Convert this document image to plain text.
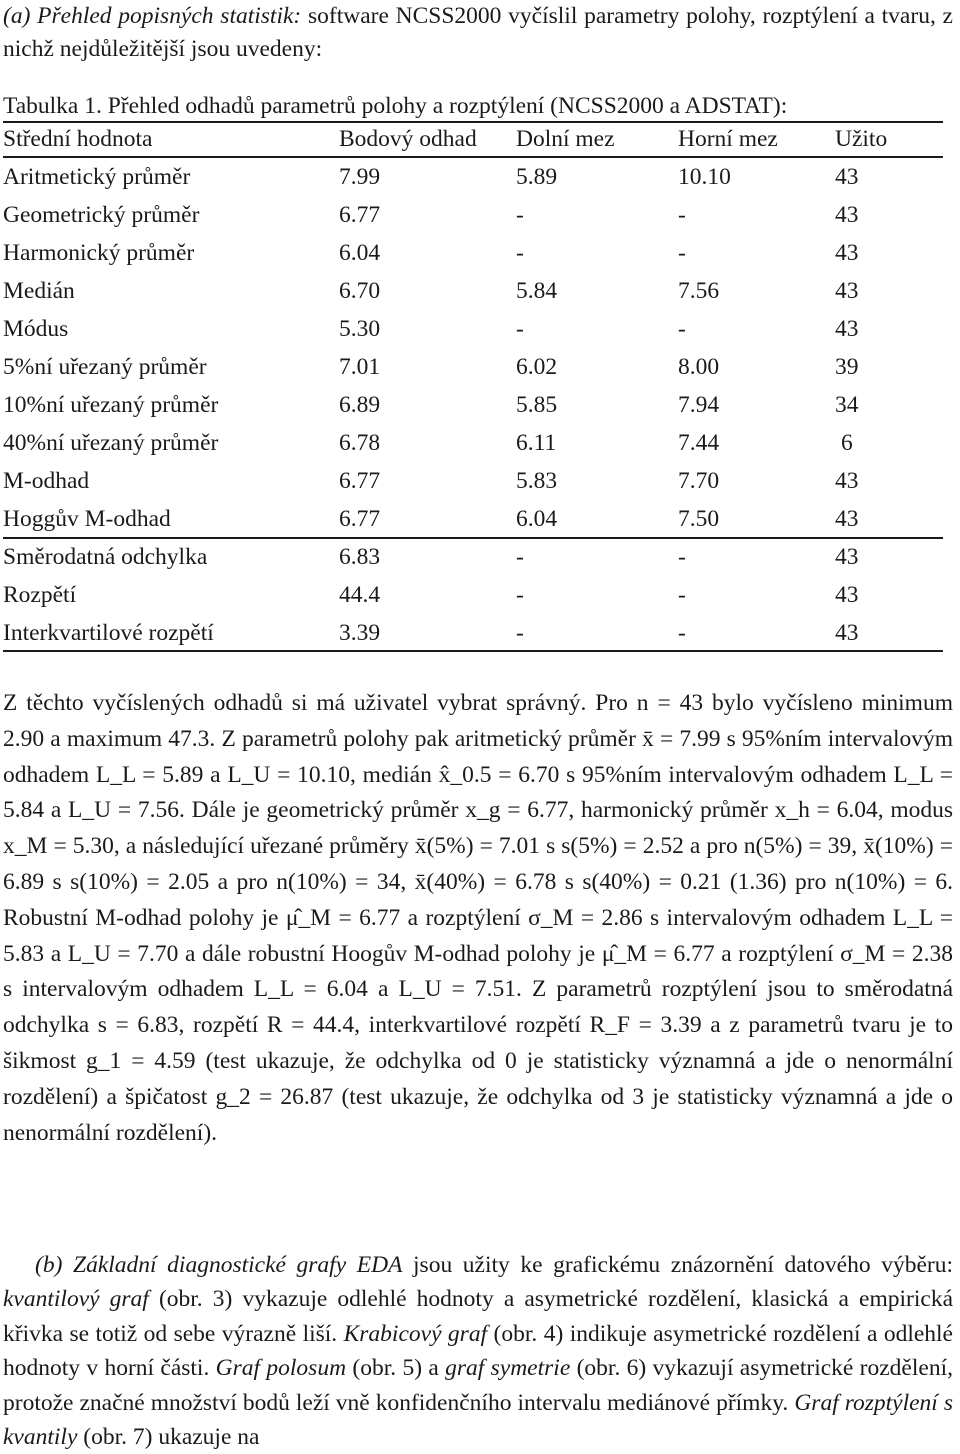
(a) Přehled popisných statistik: software NCSS2000 vyčíslil parametry polohy, rozptýlení a tvaru, z nichž nejdůležitější jsou uvedeny:

Tabulka 1. Přehled odhadů parametrů polohy a rozptýlení (NCSS2000 a ADSTAT):
Střední hodnota	Bodový odhad	Dolní mez	Horní mez	Užito
Aritmetický průměr	7.99	5.89	10.10	43
Geometrický průměr	6.77	-	-	43
Harmonický průměr	6.04	-	-	43
Medián	6.70	5.84	7.56	43
Módus	5.30	-	-	43
5%ní uřezaný průměr	7.01	6.02	8.00	39
10%ní uřezaný průměr	6.89	5.85	7.94	34
40%ní uřezaný průměr	6.78	6.11	7.44	6
M-odhad	6.77	5.83	7.70	43
Hoggův M-odhad	6.77	6.04	7.50	43
Směrodatná odchylka	6.83	-	-	43
Rozpětí	44.4	-	-	43
Interkvartilové rozpětí	3.39	-	-	43

Z těchto vyčíslených odhadů si má uživatel vybrat správný. Pro n = 43 bylo vyčísleno minimum 2.90 a maximum 47.3. Z parametrů polohy pak aritmetický průměr x̄ = 7.99 s 95%ním intervalovým odhadem L_L = 5.89 a L_U = 10.10, medián x̂_0.5 = 6.70 s 95%ním intervalovým odhadem L_L = 5.84 a L_U = 7.56. Dále je geometrický průměr x_g = 6.77, harmonický průměr x_h = 6.04, modus x_M = 5.30, a následující uřezané průměry x̄(5%) = 7.01 s s(5%) = 2.52 a pro n(5%) = 39, x̄(10%) = 6.89 s s(10%) = 2.05 a pro n(10%) = 34, x̄(40%) = 6.78 s s(40%) = 0.21 (1.36) pro n(10%) = 6. Robustní M-odhad polohy je μ̂_M = 6.77 a rozptýlení σ_M = 2.86 s intervalovým odhadem L_L = 5.83 a L_U = 7.70 a dále robustní Hoogův M-odhad polohy je μ̂_M = 6.77 a rozptýlení σ_M = 2.38 s intervalovým odhadem L_L = 6.04 a L_U = 7.51. Z parametrů rozptýlení jsou to směrodatná odchylka s = 6.83, rozpětí R = 44.4, interkvartilové rozpětí R_F = 3.39 a z parametrů tvaru je to šikmost g_1 = 4.59 (test ukazuje, že odchylka od 0 je statisticky významná a jde o nenormální rozdělení) a špičatost g_2 = 26.87 (test ukazuje, že odchylka od 3 je statisticky významná a jde o nenormální rozdělení).

(b) Základní diagnostické grafy EDA jsou užity ke grafickému znázornění datového výběru: kvantilový graf (obr. 3) vykazuje odlehlé hodnoty a asymetrické rozdělení, klasická a empirická křivka se totiž od sebe výrazně liší. Krabicový graf (obr. 4) indikuje asymetrické rozdělení a odlehlé hodnoty v horní části. Graf polosum (obr. 5) a graf symetrie (obr. 6) vykazují asymetrické rozdělení, protože značné množství bodů leží vně konfidenčního intervalu mediánové přímky. Graf rozptýlení s kvantily (obr. 7) ukazuje na
